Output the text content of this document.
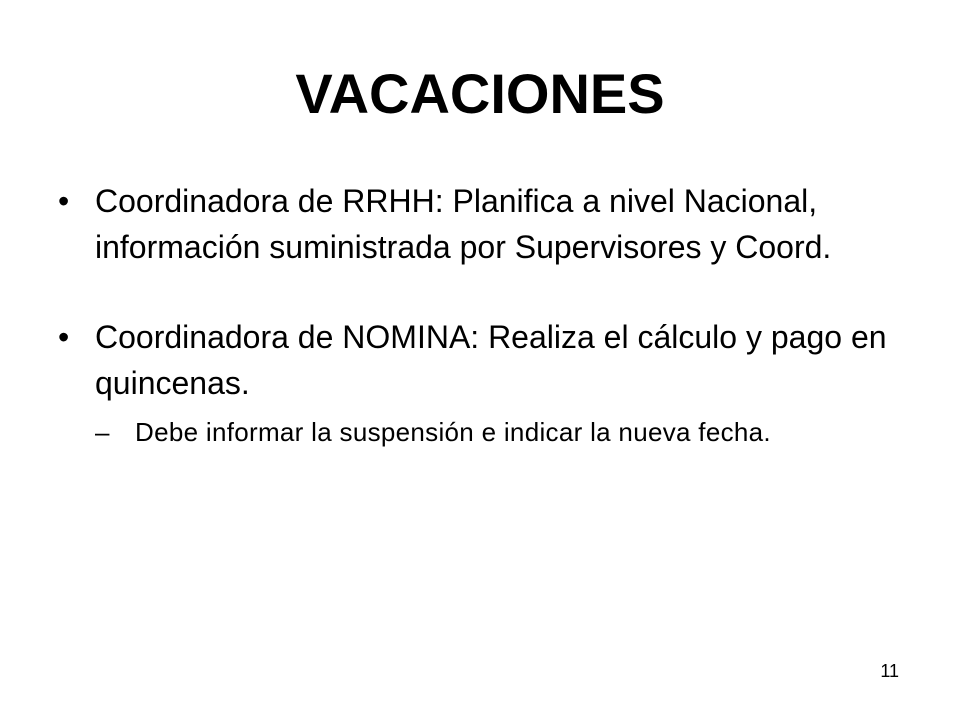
VACACIONES
• Coordinadora de RRHH: Planifica a nivel Nacional, información suministrada por Supervisores y Coord.
• Coordinadora de NOMINA: Realiza el cálculo y pago en quincenas.
– Debe informar la suspensión e indicar la nueva fecha.
11
